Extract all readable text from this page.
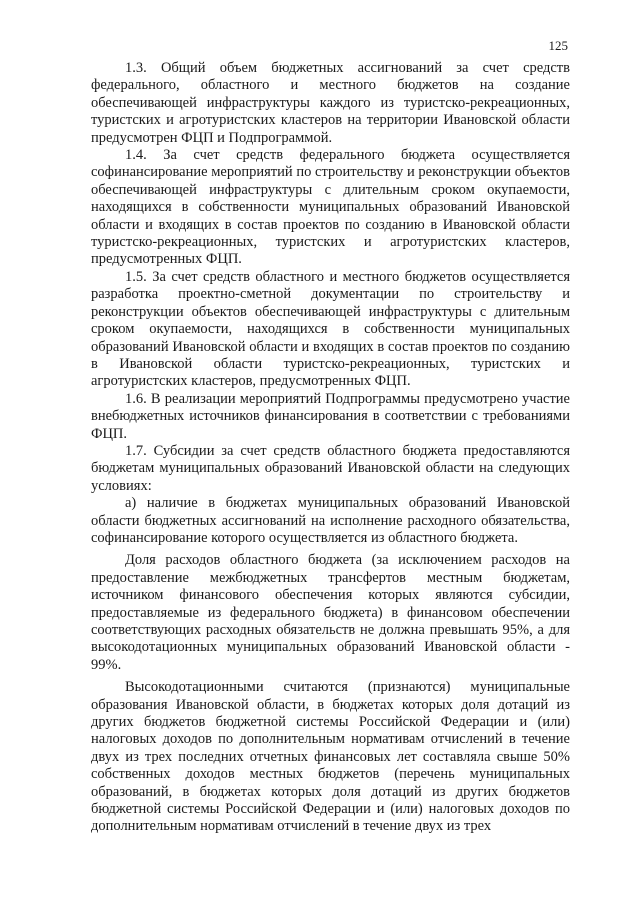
125

1.3. Общий объем бюджетных ассигнований за счет средств федерального, областного и местного бюджетов на создание обеспечивающей инфраструктуры каждого из туристско-рекреационных, туристских и агротуристских кластеров на территории Ивановской области предусмотрен ФЦП и Подпрограммой.

1.4. За счет средств федерального бюджета осуществляется софинансирование мероприятий по строительству и реконструкции объектов обеспечивающей инфраструктуры с длительным сроком окупаемости, находящихся в собственности муниципальных образований Ивановской области и входящих в состав проектов по созданию в Ивановской области туристско-рекреационных, туристских и агротуристских кластеров, предусмотренных ФЦП.

1.5. За счет средств областного и местного бюджетов осуществляется разработка проектно-сметной документации по строительству и реконструкции объектов обеспечивающей инфраструктуры с длительным сроком окупаемости, находящихся в собственности муниципальных образований Ивановской области и входящих в состав проектов по созданию в Ивановской области туристско-рекреационных, туристских и агротуристских кластеров, предусмотренных ФЦП.

1.6. В реализации мероприятий Подпрограммы предусмотрено участие внебюджетных источников финансирования в соответствии с требованиями ФЦП.

1.7. Субсидии за счет средств областного бюджета предоставляются бюджетам муниципальных образований Ивановской области на следующих условиях:

а) наличие в бюджетах муниципальных образований Ивановской области бюджетных ассигнований на исполнение расходного обязательства, софинансирование которого осуществляется из областного бюджета.

Доля расходов областного бюджета (за исключением расходов на предоставление межбюджетных трансфертов местным бюджетам, источником финансового обеспечения которых являются субсидии, предоставляемые из федерального бюджета) в финансовом обеспечении соответствующих расходных обязательств не должна превышать 95%, а для высокодотационных муниципальных образований Ивановской области - 99%.

Высокодотационными считаются (признаются) муниципальные образования Ивановской области, в бюджетах которых доля дотаций из других бюджетов бюджетной системы Российской Федерации и (или) налоговых доходов по дополнительным нормативам отчислений в течение двух из трех последних отчетных финансовых лет составляла свыше 50% собственных доходов местных бюджетов (перечень муниципальных образований, в бюджетах которых доля дотаций из других бюджетов бюджетной системы Российской Федерации и (или) налоговых доходов по дополнительным нормативам отчислений в течение двух из трех
